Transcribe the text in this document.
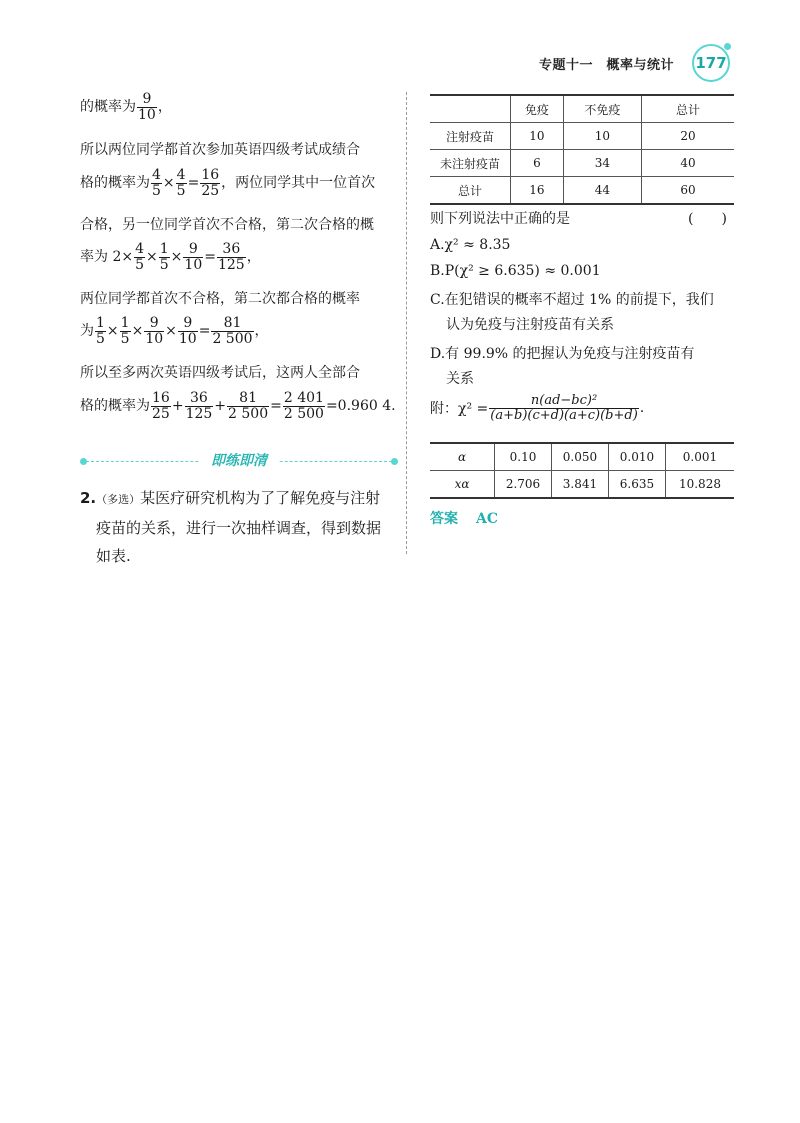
专题十一　概率与统计 177
的概率为 $\frac{9}{10}$ ，
所以两位同学都首次参加英语四级考试成绩合
格的概率为 $\frac{4}{5} \times \frac{4}{5} = \frac{16}{25}$ ，两位同学其中一位首次
合格，另一位同学首次不合格，第二次合格的概
率为 $2\times \frac{4}{5} \times \frac{1}{5} \times \frac{9}{10} = \frac{36}{125}$ ，
两位同学都首次不合格，第二次都合格的概率
为 $\frac{1}{5} \times \frac{1}{5} \times \frac{9}{10} \times \frac{9}{10} = \frac{81}{2 500}$ ，
所以至多两次英语四级考试后，这两人全部合
格的概率为 $\frac{16}{25} + \frac{36}{125} + \frac{81}{2 500} = \frac{2 401}{2 500} =0.960$ 4.
即练即清
2.（多选）某医疗研究机构为了了解免疫与注射
疫苗的关系，进行一次抽样调查，得到数据
如表.
	免疫	不免疫	总计
注射疫苗	10	10	20
未注射疫苗	6	34	40
总计	16	44	60
则下列说法中正确的是	(　　)
A.χ² ≈ 8.35
B.P(χ² ≥ 6.635) ≈ 0.001
C.在犯错误的概率不超过 1% 的前提下，我们
认为免疫与注射疫苗有关系
D.有 99.9% 的把握认为免疫与注射疫苗有
关系
附：$\chi^2 = \frac{\text{n(ad−bc)²}}{(a+b)(c+d)(a+c)(b+d)}$ .
α	0.10	0.050	0.010	0.001
xα	2.706	3.841	6.635	10.828
答案 AC
